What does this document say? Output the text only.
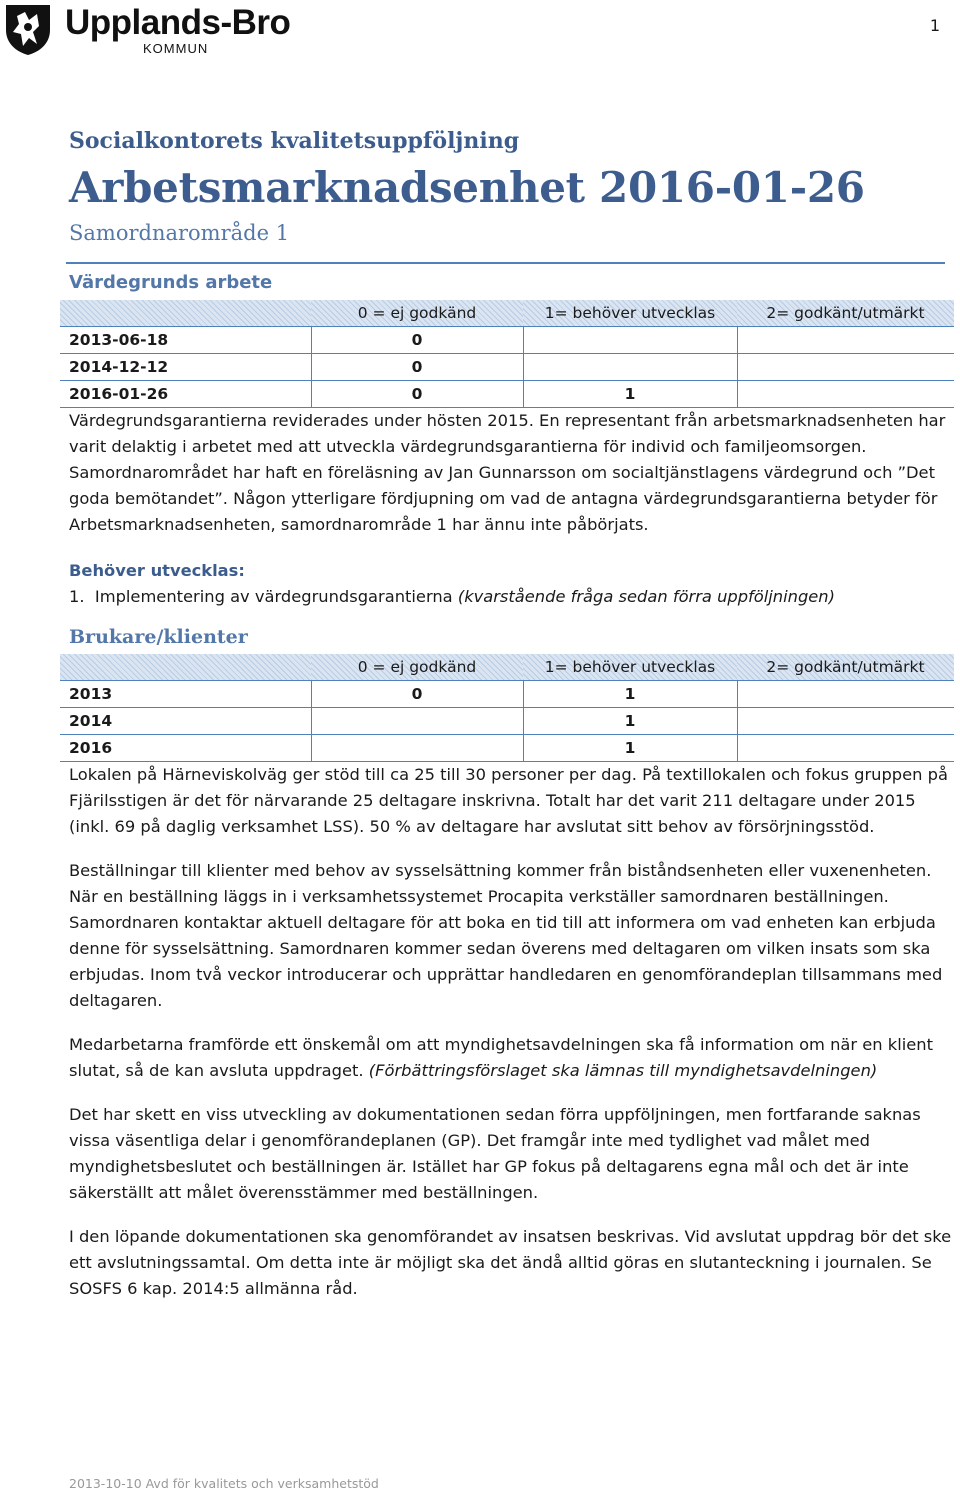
Upplands-Bro
KOMMUN
1
Socialkontorets kvalitetsuppföljning
Arbetsmarknadsenhet 2016-01-26
Samordnarområde 1
Värdegrunds arbete
	0 = ej godkänd	1= behöver utvecklas	2= godkänt/utmärkt
2013-06-18	0		
2014-12-12	0		
2016-01-26	0	1	

Värdegrundsgarantierna reviderades under hösten 2015. En representant från arbetsmarknadsenheten har varit delaktig i arbetet med att utveckla värdegrundsgarantierna för individ och familjeomsorgen. Samordnarområdet har haft en föreläsning av Jan Gunnarsson om socialtjänstlagens värdegrund och ”Det goda bemötandet”. Någon ytterligare fördjupning om vad de antagna värdegrundsgarantierna betyder för Arbetsmarknadsenheten, samordnarområde 1 har ännu inte påbörjats.

Behöver utvecklas:
1. Implementering av värdegrundsgarantierna (kvarstående fråga sedan förra uppföljningen)
Brukare/klienter
	0 = ej godkänd	1= behöver utvecklas	2= godkänt/utmärkt
2013	0	1	
2014		1	
2016		1	

Lokalen på Härneviskolväg ger stöd till ca 25 till 30 personer per dag. På textillokalen och fokus gruppen på Fjärilsstigen är det för närvarande 25 deltagare inskrivna. Totalt har det varit 211 deltagare under 2015 (inkl. 69 på daglig verksamhet LSS). 50 % av deltagare har avslutat sitt behov av försörjningsstöd.

Beställningar till klienter med behov av sysselsättning kommer från biståndsenheten eller vuxenenheten. När en beställning läggs in i verksamhetssystemet Procapita verkställer samordnaren beställningen. Samordnaren kontaktar aktuell deltagare för att boka en tid till att informera om vad enheten kan erbjuda denne för sysselsättning. Samordnaren kommer sedan överens med deltagaren om vilken insats som ska erbjudas. Inom två veckor introducerar och upprättar handledaren en genomförandeplan tillsammans med deltagaren.

Medarbetarna framförde ett önskemål om att myndighetsavdelningen ska få information om när en klient slutat, så de kan avsluta uppdraget. (Förbättringsförslaget ska lämnas till myndighetsavdelningen)

Det har skett en viss utveckling av dokumentationen sedan förra uppföljningen, men fortfarande saknas vissa väsentliga delar i genomförandeplanen (GP). Det framgår inte med tydlighet vad målet med myndighetsbeslutet och beställningen är. Istället har GP fokus på deltagarens egna mål och det är inte säkerställt att målet överensstämmer med beställningen.

I den löpande dokumentationen ska genomförandet av insatsen beskrivas. Vid avslutat uppdrag bör det ske ett avslutningssamtal. Om detta inte är möjligt ska det ändå alltid göras en slutanteckning i journalen. Se SOSFS 6 kap. 2014:5 allmänna råd.

2013-10-10 Avd för kvalitets och verksamhetstöd
